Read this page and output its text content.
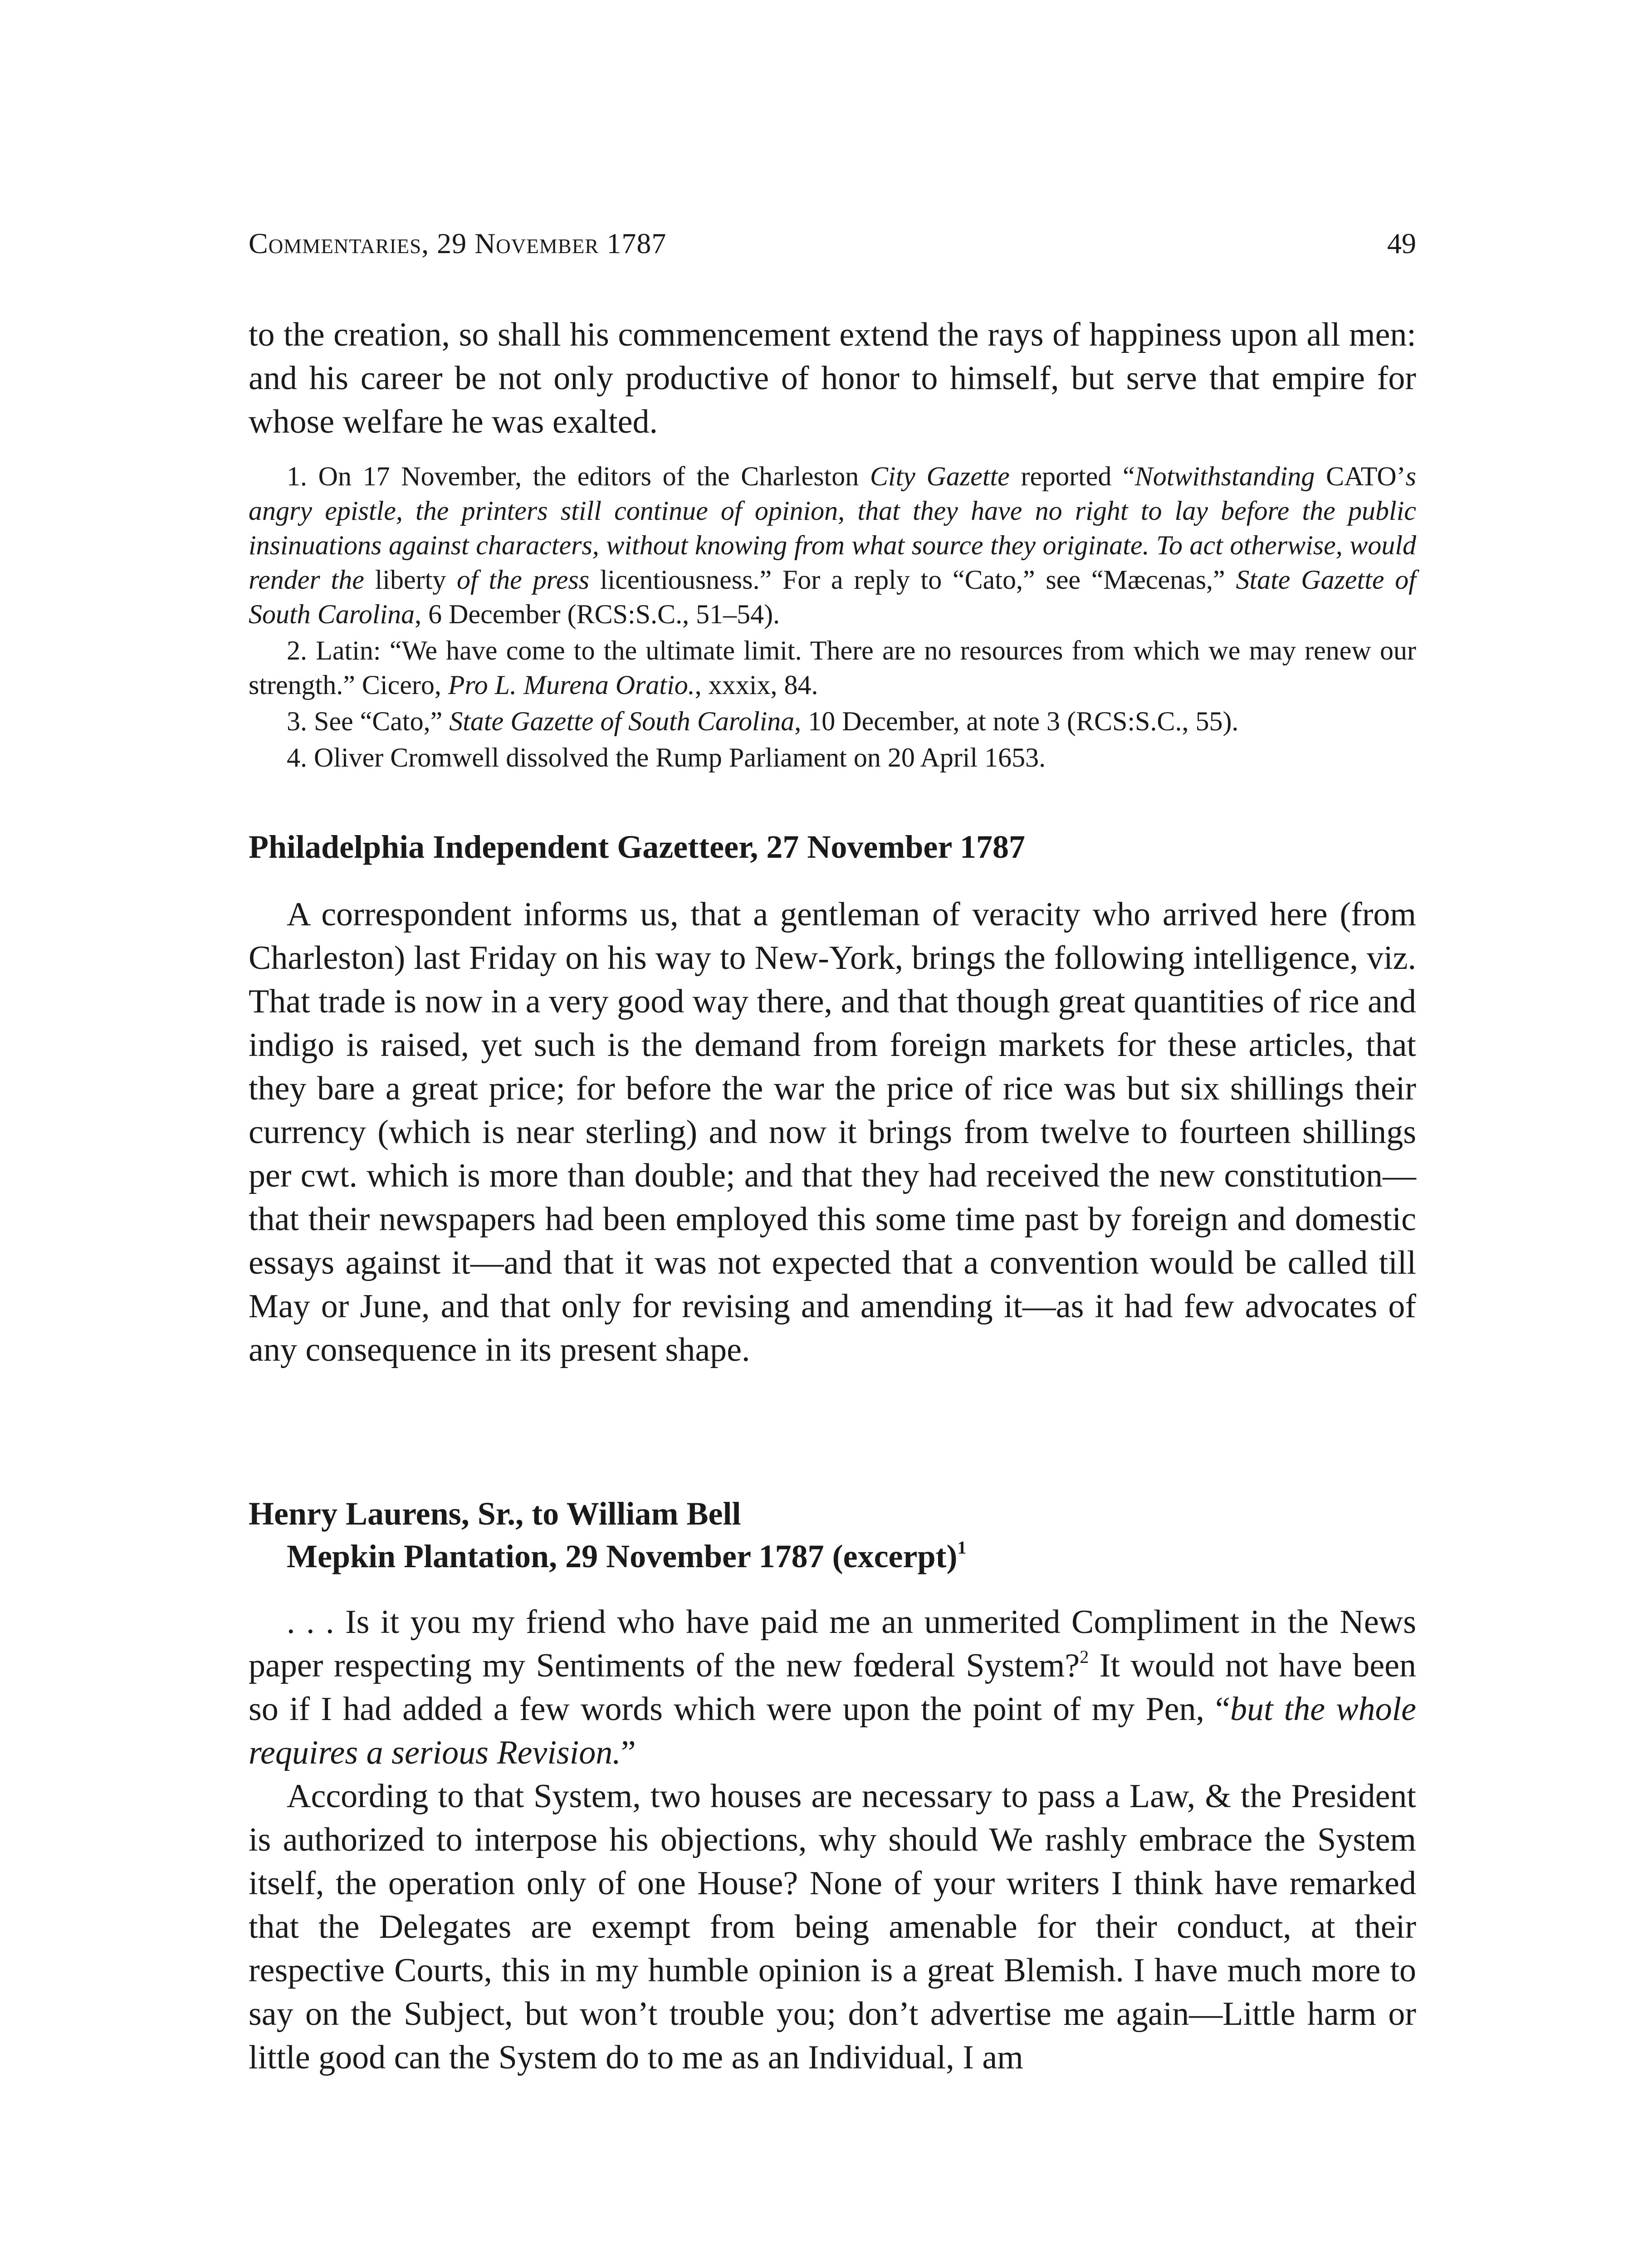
Commentaries, 29 November 1787	49

to the creation, so shall his commencement extend the rays of happiness upon all men: and his career be not only productive of honor to himself, but serve that empire for whose welfare he was exalted.

1. On 17 November, the editors of the Charleston City Gazette reported “Notwithstanding CATO’s angry epistle, the printers still continue of opinion, that they have no right to lay before the public insinuations against characters, without knowing from what source they originate. To act otherwise, would render the liberty of the press licentiousness.” For a reply to “Cato,” see “Mæcenas,” State Gazette of South Carolina, 6 December (RCS:S.C., 51–54).

2. Latin: “We have come to the ultimate limit. There are no resources from which we may renew our strength.” Cicero, Pro L. Murena Oratio., xxxix, 84.

3. See “Cato,” State Gazette of South Carolina, 10 December, at note 3 (RCS:S.C., 55).

4. Oliver Cromwell dissolved the Rump Parliament on 20 April 1653.

Philadelphia Independent Gazetteer, 27 November 1787

A correspondent informs us, that a gentleman of veracity who arrived here (from Charleston) last Friday on his way to New-York, brings the following intelligence, viz. That trade is now in a very good way there, and that though great quantities of rice and indigo is raised, yet such is the demand from foreign markets for these articles, that they bare a great price; for before the war the price of rice was but six shillings their currency (which is near sterling) and now it brings from twelve to fourteen shillings per cwt. which is more than double; and that they had received the new constitution—that their newspapers had been employed this some time past by foreign and domestic essays against it—and that it was not expected that a convention would be called till May or June, and that only for revising and amending it—as it had few advocates of any consequence in its present shape.

Henry Laurens, Sr., to William Bell
Mepkin Plantation, 29 November 1787 (excerpt)$^1$

. . . Is it you my friend who have paid me an unmerited Compliment in the News paper respecting my Sentiments of the new fœderal System?$^2$ It would not have been so if I had added a few words which were upon the point of my Pen, “but the whole requires a serious Revision.”

According to that System, two houses are necessary to pass a Law, & the President is authorized to interpose his objections, why should We rashly embrace the System itself, the operation only of one House? None of your writers I think have remarked that the Delegates are exempt from being amenable for their conduct, at their respective Courts, this in my humble opinion is a great Blemish. I have much more to say on the Subject, but won’t trouble you; don’t advertise me again—Little harm or little good can the System do to me as an Individual, I am
